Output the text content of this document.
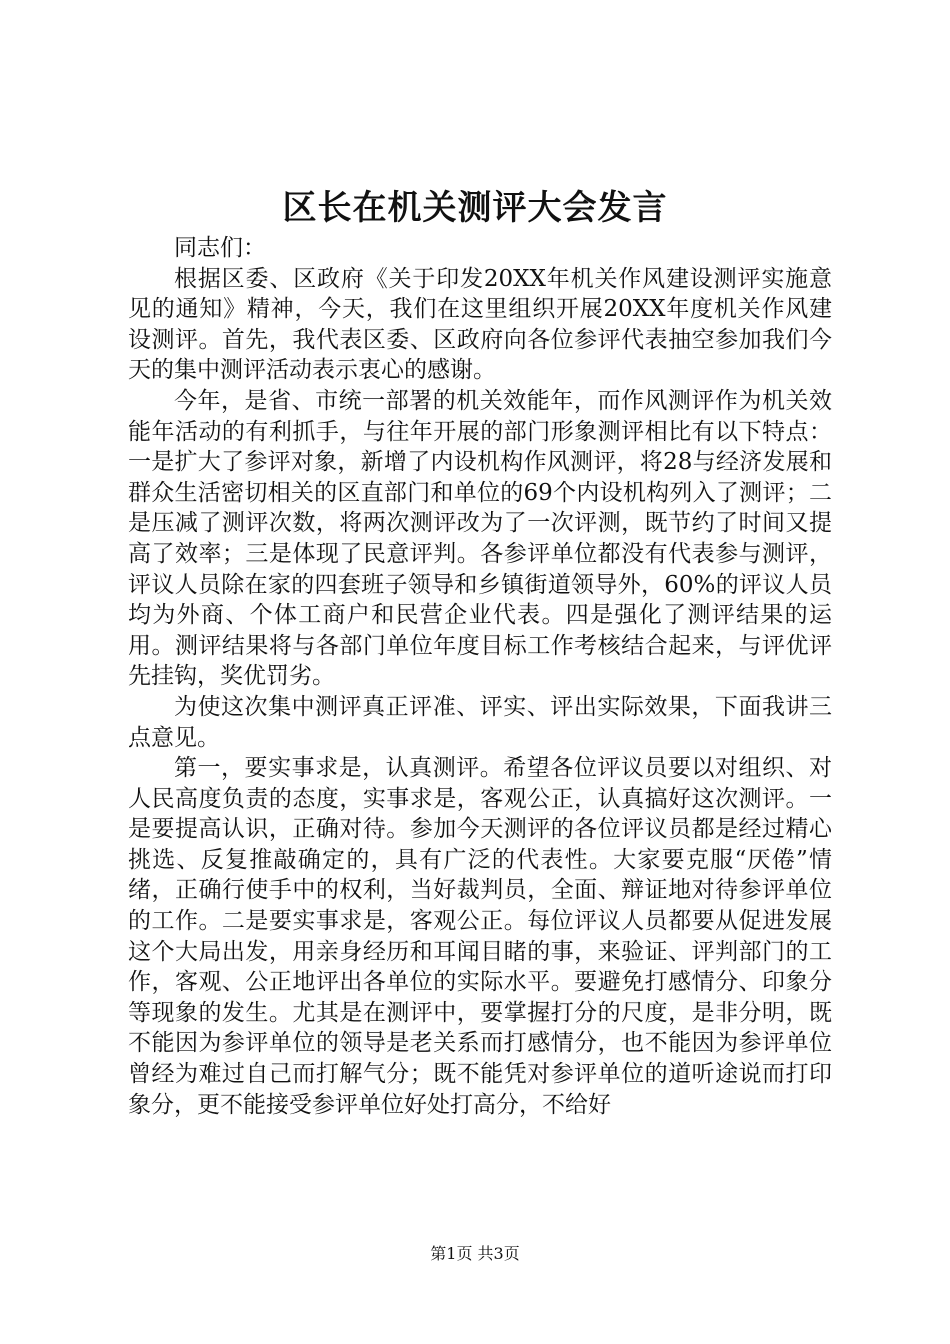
区长在机关测评大会发言

同志们：

根据区委、区政府《关于印发20XX年机关作风建设测评实施意见的通知》精神，今天，我们在这里组织开展20XX年度机关作风建设测评。首先，我代表区委、区政府向各位参评代表抽空参加我们今天的集中测评活动表示衷心的感谢。

今年，是省、市统一部署的机关效能年，而作风测评作为机关效能年活动的有利抓手，与往年开展的部门形象测评相比有以下特点：一是扩大了参评对象，新增了内设机构作风测评，将28与经济发展和群众生活密切相关的区直部门和单位的69个内设机构列入了测评；二是压减了测评次数，将两次测评改为了一次评测，既节约了时间又提高了效率；三是体现了民意评判。各参评单位都没有代表参与测评，评议人员除在家的四套班子领导和乡镇街道领导外，60%的评议人员均为外商、个体工商户和民营企业代表。四是强化了测评结果的运用。测评结果将与各部门单位年度目标工作考核结合起来，与评优评先挂钩，奖优罚劣。

为使这次集中测评真正评准、评实、评出实际效果，下面我讲三点意见。

第一，要实事求是，认真测评。希望各位评议员要以对组织、对人民高度负责的态度，实事求是，客观公正，认真搞好这次测评。一是要提高认识，正确对待。参加今天测评的各位评议员都是经过精心挑选、反复推敲确定的，具有广泛的代表性。大家要克服“厌倦”情绪，正确行使手中的权利，当好裁判员，全面、辩证地对待参评单位的工作。二是要实事求是，客观公正。每位评议人员都要从促进发展这个大局出发，用亲身经历和耳闻目睹的事，来验证、评判部门的工作，客观、公正地评出各单位的实际水平。要避免打感情分、印象分等现象的发生。尤其是在测评中，要掌握打分的尺度，是非分明，既不能因为参评单位的领导是老关系而打感情分，也不能因为参评单位曾经为难过自己而打解气分；既不能凭对参评单位的道听途说而打印象分，更不能接受参评单位好处打高分，不给好

第1页 共3页
